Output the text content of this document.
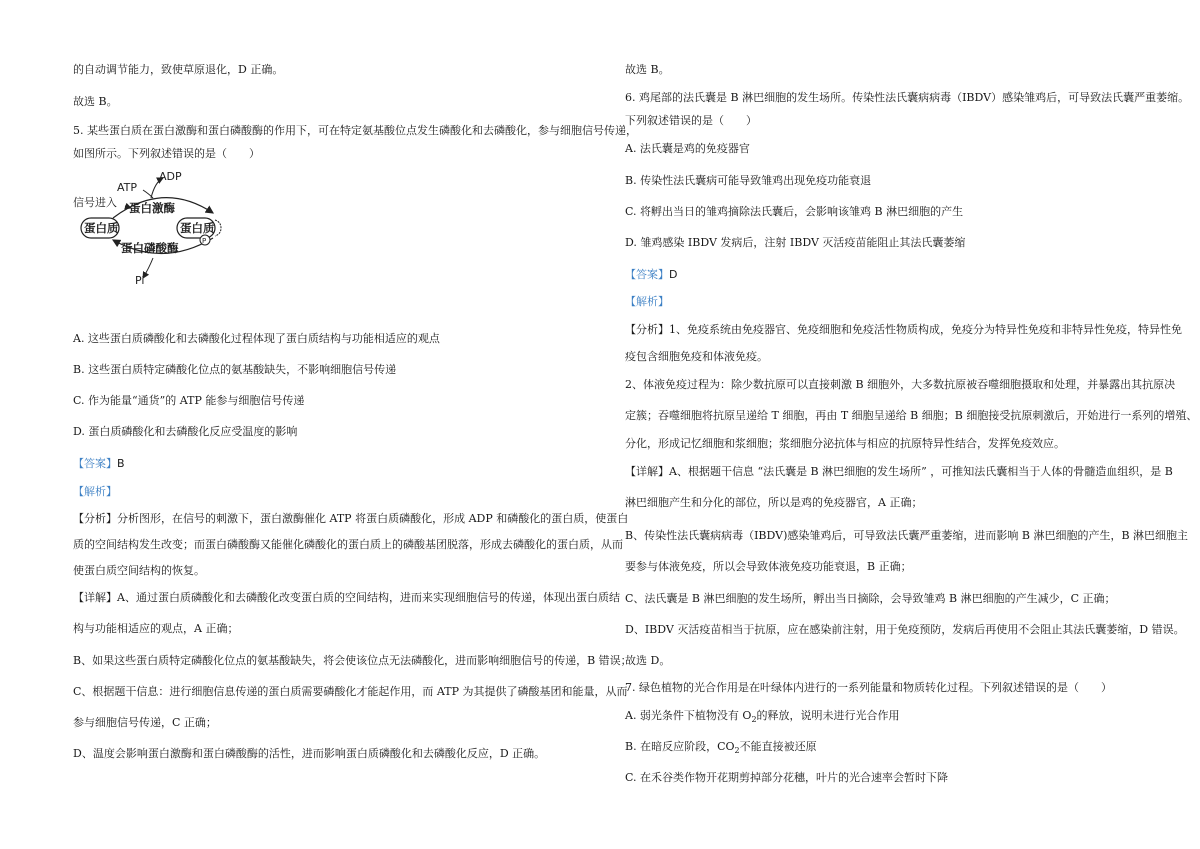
的自动调节能力，致使草原退化，D 正确。
故选 B。
5. 某些蛋白质在蛋白激酶和蛋白磷酸酶的作用下，可在特定氨基酸位点发生磷酸化和去磷酸化，参与细胞信号传递，
如图所示。下列叙述错误的是（　　）
ADP
ATP
信号进入 蛋白激酶
蛋白质	蛋白质
P
蛋白磷酸酶
Pi
A. 这些蛋白质磷酸化和去磷酸化过程体现了蛋白质结构与功能相适应的观点
B. 这些蛋白质特定磷酸化位点的氨基酸缺失，不影响细胞信号传递
C. 作为能量“通货”的 ATP 能参与细胞信号传递
D. 蛋白质磷酸化和去磷酸化反应受温度的影响
【答案】B
【解析】
【分析】分析图形，在信号的刺激下，蛋白激酶催化 ATP 将蛋白质磷酸化，形成 ADP 和磷酸化的蛋白质，使蛋白
质的空间结构发生改变；而蛋白磷酸酶又能催化磷酸化的蛋白质上的磷酸基团脱落，形成去磷酸化的蛋白质，从而
使蛋白质空间结构的恢复。
【详解】A、通过蛋白质磷酸化和去磷酸化改变蛋白质的空间结构，进而来实现细胞信号的传递，体现出蛋白质结
构与功能相适应的观点，A 正确；
B、如果这些蛋白质特定磷酸化位点的氨基酸缺失，将会使该位点无法磷酸化，进而影响细胞信号的传递，B 错误；
C、根据题干信息：进行细胞信息传递的蛋白质需要磷酸化才能起作用，而 ATP 为其提供了磷酸基团和能量，从而
参与细胞信号传递，C 正确；
D、温度会影响蛋白激酶和蛋白磷酸酶的活性，进而影响蛋白质磷酸化和去磷酸化反应，D 正确。
故选 B。
6. 鸡尾部的法氏囊是 B 淋巴细胞的发生场所。传染性法氏囊病病毒（IBDV）感染雏鸡后，可导致法氏囊严重萎缩。
下列叙述错误的是（　　）
A. 法氏囊是鸡的免疫器官
B. 传染性法氏囊病可能导致雏鸡出现免疫功能衰退
C. 将孵出当日的雏鸡摘除法氏囊后，会影响该雏鸡 B 淋巴细胞的产生
D. 雏鸡感染 IBDV 发病后，注射 IBDV 灭活疫苗能阻止其法氏囊萎缩
【答案】D
【解析】
【分析】1、免疫系统由免疫器官、免疫细胞和免疫活性物质构成，免疫分为特异性免疫和非特异性免疫，特异性免
疫包含细胞免疫和体液免疫。
2、体液免疫过程为：除少数抗原可以直接刺激 B 细胞外，大多数抗原被吞噬细胞摄取和处理，并暴露出其抗原决
定簇；吞噬细胞将抗原呈递给 T 细胞，再由 T 细胞呈递给 B 细胞；B 细胞接受抗原刺激后，开始进行一系列的增殖、
分化，形成记忆细胞和浆细胞；浆细胞分泌抗体与相应的抗原特异性结合，发挥免疫效应。
【详解】A、根据题干信息 “法氏囊是 B 淋巴细胞的发生场所” ，可推知法氏囊相当于人体的骨髓造血组织，是 B
淋巴细胞产生和分化的部位，所以是鸡的免疫器官，A 正确；
B、传染性法氏囊病病毒（IBDV)感染雏鸡后，可导致法氏囊严重萎缩，进而影响 B 淋巴细胞的产生，B 淋巴细胞主
要参与体液免疫，所以会导致体液免疫功能衰退，B 正确；
C、法氏囊是 B 淋巴细胞的发生场所，孵出当日摘除，会导致雏鸡 B 淋巴细胞的产生减少，C 正确；
D、IBDV 灭活疫苗相当于抗原，应在感染前注射，用于免疫预防，发病后再使用不会阻止其法氏囊萎缩，D 错误。
故选 D。
7. 绿色植物的光合作用是在叶绿体内进行的一系列能量和物质转化过程。下列叙述错误的是（　　）
A. 弱光条件下植物没有 $O_2$的释放，说明未进行光合作用
B. 在暗反应阶段，$CO_2$不能直接被还原
C. 在禾谷类作物开花期剪掉部分花穗，叶片的光合速率会暂时下降
